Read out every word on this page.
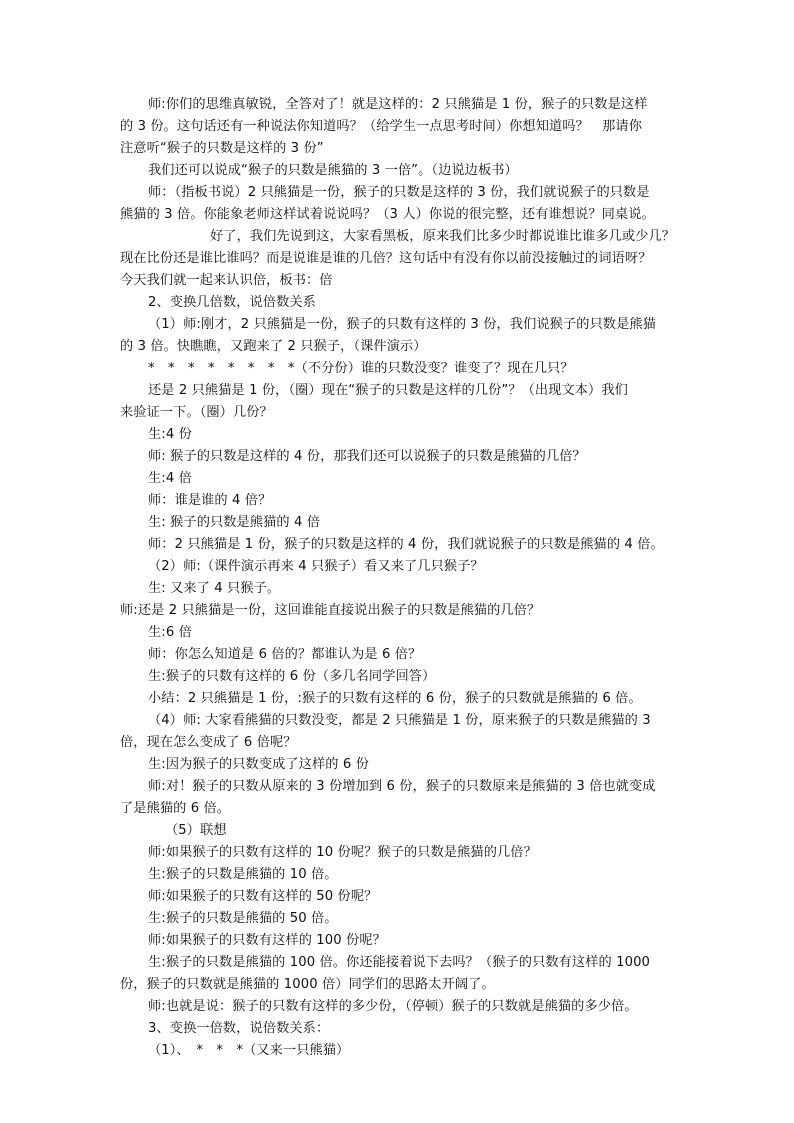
师:你们的思维真敏锐，全答对了！就是这样的：2 只熊猫是 1 份，猴子的只数是这样
的 3 份。这句话还有一种说法你知道吗？（给学生一点思考时间）你想知道吗？　那请你
注意听“猴子的只数是这样的 3 份”
我们还可以说成“猴子的只数是熊猫的 3 一倍”。（边说边板书）
师：（指板书说）2 只熊猫是一份，猴子的只数是这样的 3 份，我们就说猴子的只数是
熊猫的 3 倍。你能象老师这样试着说说吗？（3 人）你说的很完整，还有谁想说？同桌说。
好了，我们先说到这，大家看黑板，原来我们比多少时都说谁比谁多几或少几？
现在比份还是谁比谁吗？而是说谁是谁的几倍？这句话中有没有你以前没接触过的词语呀？
今天我们就一起来认识倍，板书：倍
2、变换几倍数，说倍数关系
（1）师:刚才，2 只熊猫是一份，猴子的只数有这样的 3 份，我们说猴子的只数是熊猫
的 3 倍。快瞧瞧，又跑来了 2 只猴子，（课件演示）
*　*　*　*　*　*　*　*（不分份）谁的只数没变？谁变了？现在几只？
还是 2 只熊猫是 1 份，（圈）现在“猴子的只数是这样的几份”？（出现文本）我们
来验证一下。（圈）几份？
生:4 份
师: 猴子的只数是这样的 4 份，那我们还可以说猴子的只数是熊猫的几倍？
生:4 倍
师：谁是谁的 4 倍？
生: 猴子的只数是熊猫的 4 倍
师：2 只熊猫是 1 份，猴子的只数是这样的 4 份，我们就说猴子的只数是熊猫的 4 倍。
（2）师:（课件演示再来 4 只猴子）看又来了几只猴子？
生: 又来了 4 只猴子。
师:还是 2 只熊猫是一份，这回谁能直接说出猴子的只数是熊猫的几倍？
生:6 倍
师：你怎么知道是 6 倍的？都谁认为是 6 倍？
生:猴子的只数有这样的 6 份（多几名同学回答）
小结：2 只熊猫是 1 份，:猴子的只数有这样的 6 份，猴子的只数就是熊猫的 6 倍。
（4）师: 大家看熊猫的只数没变，都是 2 只熊猫是 1 份，原来猴子的只数是熊猫的 3
倍，现在怎么变成了 6 倍呢？
生:因为猴子的只数变成了这样的 6 份
师:对！猴子的只数从原来的 3 份增加到 6 份，猴子的只数原来是熊猫的 3 倍也就变成
了是熊猫的 6 倍。
（5）联想
师:如果猴子的只数有这样的 10 份呢？猴子的只数是熊猫的几倍？
生:猴子的只数是熊猫的 10 倍。
师:如果猴子的只数有这样的 50 份呢？
生:猴子的只数是熊猫的 50 倍。
师:如果猴子的只数有这样的 100 份呢？
生:猴子的只数是熊猫的 100 倍。你还能接着说下去吗？（猴子的只数有这样的 1000
份，猴子的只数就是熊猫的 1000 倍）同学们的思路太开阔了。
师:也就是说：猴子的只数有这样的多少份，（停顿）猴子的只数就是熊猫的多少倍。
3、变换一倍数，说倍数关系：
（1）、　*　*　*（又来一只熊猫）
